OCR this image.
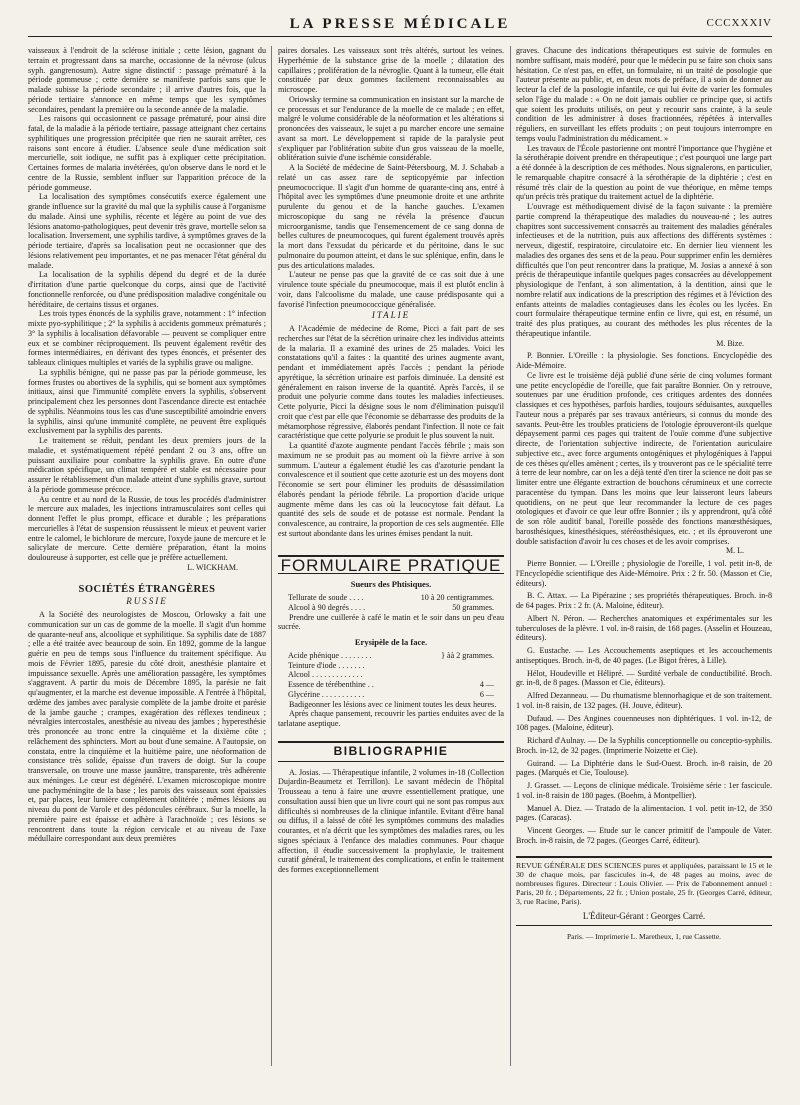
LA PRESSE MÉDICALE	CCCXXXIV

vaisseaux à l'endroit de la sclérose initiale ; cette lésion, gagnant du terrain et progressant dans sa marche, occasionne de la névrose (ulcus syph. gangrenosum). Autre signe distinctif : passage prématuré à la période gommeuse ; cette dernière se manifeste parfois sans que le malade subisse la période secondaire ; il arrive d'autres fois, que la période tertiaire s'annonce en même temps que les symptômes secondaires, pendant la première ou la seconde année de la maladie.

Les raisons qui occasionnent ce passage prématuré, pour ainsi dire fatal, de la maladie à la période tertiaire, passage atteignant chez certains syphilitiques une progression précipitée que rien ne saurait arrêter, ces raisons sont encore à étudier. L'absence seule d'une médication soit mercurielle, soit iodique, ne suffit pas à expliquer cette précipitation. Certaines formes de malaria invétérées, qu'on observe dans le nord et le centre de la Russie, semblent influer sur l'apparition précoce de la période gommeuse.

La localisation des symptômes consécutifs exerce également une grande influence sur la gravité du mal que la syphilis cause à l'organisme du malade. Ainsi une syphilis, récente et légère au point de vue des lésions anatomo-pathologiques, peut devenir très grave, mortelle selon sa localisation. Inversement, une syphilis tardive, à symptômes graves de la période tertiaire, d'après sa localisation peut ne occasionner que des lésions relativement peu importantes, et ne pas menacer l'état général du malade.

La localisation de la syphilis dépend du degré et de la durée d'irritation d'une partie quelconque du corps, ainsi que de l'activité fonctionnelle renforcée, ou d'une prédisposition maladive congénitale ou héréditaire, de certains tissus et organes.

Les trois types énoncés de la syphilis grave, notamment : 1° infection mixte pyo-syphilitique ; 2° la syphilis à accidents gommeux prématurés ; 3° la syphilis à localisation défavorable — peuvent se compliquer entre eux et se combiner réciproquement. Ils peuvent également revêtir des formes intermédiaires, en dérivant des types énoncés, et présenter des tableaux cliniques multiples et variés de la syphilis grave ou maligne.

La syphilis bénigne, qui ne passe pas par la période gommeuse, les formes frustes ou abortives de la syphilis, qui se bornent aux symptômes initiaux, ainsi que l'immunité complète envers la syphilis, s'observent principalement chez les personnes dont l'ascendance directe est entachée de syphilis. Néanmoins tous les cas d'une susceptibilité amoindrie envers la syphilis, ainsi qu'une immunité complète, ne peuvent être expliqués exclusivement par la syphilis des parents.

Le traitement se réduit, pendant les deux premiers jours de la maladie, et systématiquement répété pendant 2 ou 3 ans, offre un puissant auxiliaire pour combattre la syphilis grave. En outre d'une médication spécifique, un climat tempéré et stable est nécessaire pour assurer le rétablissement d'un malade atteint d'une syphilis grave, surtout à la période gommeuse précoce.

Au centre et au nord de la Russie, de tous les procédés d'administrer le mercure aux malades, les injections intramusculaires sont celles qui donnent l'effet le plus prompt, efficace et durable ; les préparations mercurielles à l'état de suspension réussissent le mieux et peuvent varier entre le calomel, le bichlorure de mercure, l'oxyde jaune de mercure et le salicylate de mercure. Cette dernière préparation, étant la moins douloureuse à supporter, est celle que je préfère actuellement.

L. WICKHAM.
SOCIÉTÉS ÉTRANGÈRES
RUSSIE

A la Société des neurologistes de Moscou, Orlowsky a fait une communication sur un cas de gomme de la moelle. Il s'agit d'un homme de quarante-neuf ans, alcoolique et syphilitique. Sa syphilis date de 1887 ; elle a été traitée avec beaucoup de soin. En 1892, gomme de la langue guérie en peu de temps sous l'influence du traitement spécifique. Au mois de Février 1895, paresie du côté droit, anesthésie plantaire et impuissance sexuelle. Après une amélioration passagère, les symptômes s'aggravent. A partir du mois de Décembre 1895, la parésie ne fait qu'augmenter, et la marche est devenue impossible. A l'entrée à l'hôpital, œdème des jambes avec paralysie complète de la jambe droite et parésie de la jambe gauche ; crampes, exagération des réflexes tendineux ; névralgies intercostales, anesthésie au niveau des jambes ; hyperesthésie très prononcée au tronc entre la cinquième et la dixième côte ; relâchement des sphincters. Mort au bout d'une semaine. A l'autopsie, on constata, entre la cinquième et la huitième paire, une néoformation de consistance très solide, épaisse d'un travers de doigt. Sur la coupe transversale, on trouve une masse jaunâtre, transparente, très adhérente aux méninges. Le cœur est dégénéré. L'examen microscopique montre une pachyméningite de la base ; les parois des vaisseaux sont épaissies et, par places, leur lumière complètement oblitérée ; mêmes lésions au niveau du pont de Varole et des pédoncules cérébraux. Sur la moelle, la première paire est épaisse et adhère à l'arachnoïde ; ces lésions se rencontrent dans toute la région cervicale et au niveau de l'axe médullaire correspondant aux deux premières

paires dorsales. Les vaisseaux sont très altérés, surtout les veines. Hyperhémie de la substance grise de la moelle ; dilatation des capillaires ; prolifération de la névroglie. Quant à la tumeur, elle était constituée par deux gommes facilement reconnaissables au microscope.

Oriowsky termine sa communication en insistant sur la marche de ce processus et sur l'endurance de la moelle de ce malade ; en effet, malgré le volume considérable de la néoformation et les altérations si prononcées des vaisseaux, le sujet a pu marcher encore une semaine avant sa mort. Le développement si rapide de la paralysie peut s'expliquer par l'oblitération subite d'un gros vaisseau de la moelle, oblitération suivie d'une ischémie considérable.

A la Société de médecine de Saint-Pétersbourg, M. J. Schabab a relaté un cas assez rare de septicopyémie par infection pneumococcique. Il s'agit d'un homme de quarante-cinq ans, entré à l'hôpital avec les symptômes d'une pneumonie droite et une arthrite purulente du genou et de la hanche gauches. L'examen microscopique du sang ne révéla la présence d'aucun microorganisme, tandis que l'ensemencement de ce sang donna de belles cultures de pneumocoques, qui furent également trouvés après la mort dans l'exsudat du péricarde et du péritoine, dans le suc pulmonaire du poumon atteint, et dans le suc splénique, enfin, dans le pus des articulations malades.

L'auteur ne pense pas que la gravité de ce cas soit due à une virulence toute spéciale du pneumocoque, mais il est plutôt enclin à voir, dans l'alcoolisme du malade, une cause prédisposante qui a favorisé l'infection pneumococcique généralisée.

ITALIE

A l'Académie de médecine de Rome, Picci a fait part de ses recherches sur l'état de la sécrétion urinaire chez les individus atteints de la malaria. Il a examiné des urines de 25 malades. Voici les constatations qu'il a faites : la quantité des urines augmente avant, pendant et immédiatement après l'accès ; pendant la période apyrétique, la sécrétion urinaire est parfois diminuée. La densité est généralement en raison inverse de la quantité. Après l'accès, il se produit une polyurie comme dans toutes les maladies infectieuses. Cette polyurie, Picci la désigne sous le nom d'élimination puisqu'il croit que c'est par elle que l'économie se débarrasse des produits de la métamorphose régressive, élaborés pendant l'infection. Il note ce fait caractéristique que cette polyurie se produit le plus souvent la nuit.

La quantité d'azote augmente pendant l'accès fébrile ; mais son maximum ne se produit pas au moment où la fièvre arrive à son summum. L'auteur a également étudié les cas d'azoturie pendant la convalescence et il soutient que cette azoturie est un des moyens dont l'économie se sert pour éliminer les produits de désassimilation élaborés pendant la période fébrile. La proportion d'acide urique augmente même dans les cas où la leucocytose fait défaut. La quantité des sels de soude et de potasse est normale. Pendant la convalescence, au contraire, la proportion de ces sels augmentée. Elle est surtout abondante dans les urines émises pendant la nuit.

FORMULAIRE PRATIQUE
Sueurs des Phtisiques.
Tellurate de soude . . . .	10 à 20 centigrammes.
Alcool à 90 degrés . . . .	50 grammes.

Prendre une cuillerée à café le matin et le soir dans un peu d'eau sucrée.

Erysipèle de la face.
Acide phénique . . . . . . . .	} àà 2 grammes.
Teinture d'iode . . . . . . .
Alcool . . . . . . . . . . . . .
Essence de térébenthine . .	4 —
Glycérine . . . . . . . . . . .	6 —

Badigeonner les lésions avec ce liniment toutes les deux heures.

Après chaque pansement, recouvrir les parties enduites avec de la tarlatane aseptique.

BIBLIOGRAPHIE

A. Josias. — Thérapeutique infantile, 2 volumes in-18 (Collection Dujardin-Beaumetz et Terrillon). Le savant médecin de l'hôpital Trousseau a tenu à faire une œuvre essentiellement pratique, une consultation aussi bien que un livre court qui ne sont pas rompus aux difficultés si nombreuses de la clinique infantile. Evitant d'être banal ou diffus, il a laissé de côté les symptômes communs des maladies courantes, et n'a décrit que les symptômes des maladies rares, ou les signes spéciaux à l'enfance des maladies communes. Pour chaque affection, il étudie successivement la prophylaxie, le traitement curatif général, le traitement des complications, et enfin le traitement des formes exceptionnellement

graves. Chacune des indications thérapeutiques est suivie de formules en nombre suffisant, mais modéré, pour que le médecin pu se faire son choix sans hésitation. Ce n'est pas, en effet, un formulaire, ni un traité de posologie que l'auteur présente au public, et, en deux mots de préface, il a soin de donner au lecteur la clef de la posologie infantile, ce qui lui évite de varier les formules selon l'âge du malade : « On ne doit jamais oublier ce principe que, si actifs que soient les produits utilisés, on peut y recourir sans crainte, à la seule condition de les administrer à doses fractionnées, répétées à intervalles réguliers, en surveillant les effets produits ; on peut toujours interrompre en temps voulu l'administration du médicament. »

Les travaux de l'École pastorienne ont montré l'importance que l'hygiène et la sérothérapie doivent prendre en thérapeutique ; c'est pourquoi une large part a été donnée à la description de ces méthodes. Nous signalerons, en particulier, le remarquable chapitre consacré à la sérothérapie de la diphtérie ; c'est en résumé très clair de la question au point de vue théorique, en même temps qu'un précis très pratique du traitement actuel de la diphtérie.

L'ouvrage est méthodiquement divisé de la façon suivante : la première partie comprend la thérapeutique des maladies du nouveau-né ; les autres chapitres sont successivement consacrés au traitement des maladies générales infectieuses et de la nutrition, puis aux affections des différents systèmes : nerveux, digestif, respiratoire, circulatoire etc. En dernier lieu viennent les maladies des organes des sens et de la peau. Pour supprimer enfin les dernières difficultés que l'on peut rencontrer dans la pratique, M. Josias a annexé à son précis de thérapeutique infantile quelques pages consacrées au développement physiologique de l'enfant, à son alimentation, à la dentition, ainsi que le nombre relatif aux indications de la prescription des régimes et à l'éviction des enfants atteints de maladies contagieuses dans les écoles ou les lycées. En court formulaire thérapeutique termine enfin ce livre, qui est, en résumé, un traité des plus pratiques, au courant des méthodes les plus récentes de la thérapeutique infantile.

M. Bize.

P. Bonnier. L'Oreille : la physiologie. Ses fonctions. Encyclopédie des Aide-Mémoire.

Ce livre est le troisième déjà publié d'une série de cinq volumes formant une petite encyclopédie de l'oreille, que fait paraître Bonnier. On y retrouve, soutenues par une érudition profonde, ces critiques ardentes des données classiques et ces hypothèses, parfois hardies, toujours séduisantes, auxquelles l'auteur nous a préparés par ses travaux antérieurs, si connus du monde des savants. Peut-être les troubles praticiens de l'otologie éprouveront-ils quelque dépaysement parmi ces pages qui traitent de l'ouïe comme d'une subjective directe, de l'orientation subjective indirecte, de l'orientation auriculaire subjective etc., avec force arguments ontogéniques et phylogéniques à l'appui de ces thèses qu'elles amènent ; certes, ils y trouveront pas ce le spécialité terre à terre de leur nombre, car on les a déjà tenté d'en tirer la science ne doit pas se limiter entre une élégante extraction de bouchons cérumineux et une correcte paracentèse du tympan. Dans les moins que leur laisseront leurs labeurs quotidiens, on ne peut que leur recommander la lecture de ces pages otologiques et d'avoir ce que leur offre Bonnier ; ils y apprendront, qu'à côté de son rôle auditif banal, l'oreille possède des fonctions manœsthésiques, barosthésiques, kinesthésiques, stéréosthésiques, etc. ; et ils éprouveront une double satisfaction d'avoir lu ces choses et de les avoir comprises.

M. L.

Pierre Bonnier. — L'Oreille ; physiologie de l'oreille, 1 vol. petit in-8, de l'Encyclopédie scientifique des Aide-Mémoire. Prix : 2 fr. 50. (Masson et Cie, éditeurs).

B. C. Attax. — La Pipérazine ; ses propriétés thérapeutiques. Broch. in-8 de 64 pages. Prix : 2 fr. (A. Maloine, éditeur).

Albert N. Péron. — Recherches anatomiques et expérimentales sur les tuberculoses de la plèvre. 1 vol. in-8 raisin, de 168 pages. (Asselin et Houzeau, éditeurs).

G. Eustache. — Les Accouchements aseptiques et les accouchements antiseptiques. Broch. in-8, de 40 pages. (Le Bigot frères, à Lille).

Hélot, Houdeville et Hélipré. — Surdité verbale de conductibilité. Broch. gr. in-8, de 8 pages. (Masson et Cie, éditeurs).

Alfred Dezanneau. — Du rhumatisme blennorhagique et de son traitement. 1 vol. in-8 raisin, de 132 pages. (H. Jouve, éditeur).

Dufaud. — Des Angines couenneuses non diphtériques. 1 vol. in-12, de 108 pages. (Maloine, éditeur).

Richard d'Aulnay. — De la Syphilis conceptionnelle ou conceptio-syphilis. Broch. in-12, de 32 pages. (Imprimerie Noizette et Cie).

Guirand. — La Diphtérie dans le Sud-Ouest. Broch. in-8 raisin, de 20 pages. (Marqués et Cie, Toulouse).

J. Grasset. — Leçons de clinique médicale. Troisième série : 1er fascicule. 1 vol. in-8 raisin de 180 pages. (Boehm, à Montpellier).

Manuel A. Diez. — Tratado de la alimentacion. 1 vol. petit in-12, de 350 pages. (Caracas).

Vincent Georges. — Etude sur le cancer primitif de l'ampoule de Vater. Broch. in-8 raisin, de 72 pages. (Georges Carré, éditeur).

REVUE GÉNÉRALE DES SCIENCES pures et appliquées, paraissant le 15 et le 30 de chaque mois, par fascicules in-4, de 48 pages au moins, avec de nombreuses figures. Directeur : Louis Olivier. — Prix de l'abonnement annuel : Paris, 20 fr. ; Départements, 22 fr. ; Union postale, 25 fr. (Georges Carré, éditeur, 3, rue Racine, Paris).
L'Éditeur-Gérant : Georges Carré.
Paris. — Imprimerie L. Maretheux, 1, rue Cassette.
